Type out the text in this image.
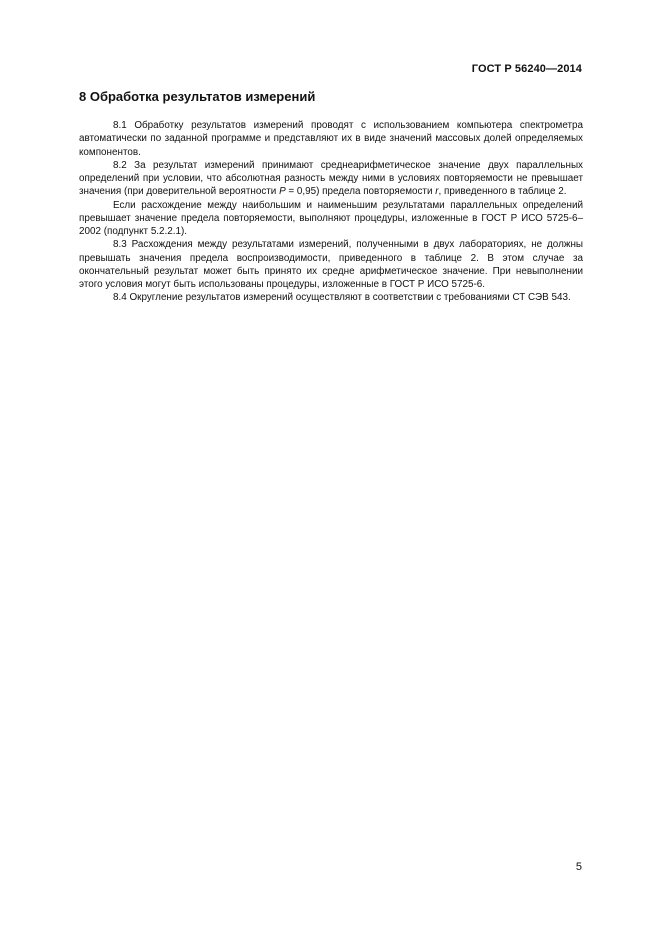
ГОСТ Р 56240—2014
8 Обработка результатов измерений

8.1 Обработку результатов измерений проводят с использованием компьютера спектрометра автоматически по заданной программе и представляют их в виде значений массовых долей определяемых компонентов.

8.2 За результат измерений принимают среднеарифметическое значение двух параллельных определений при условии, что абсолютная разность между ними в условиях повторяемости не превышает значения (при доверительной вероятности Р = 0,95) предела повторяемости r, приведенного в таблице 2.

Если расхождение между наибольшим и наименьшим результатами параллельных определений превышает значение предела повторяемости, выполняют процедуры, изложенные в ГОСТ Р ИСО 5725-6–2002 (подпункт 5.2.2.1).

8.3 Расхождения между результатами измерений, полученными в двух лабораториях, не должны превышать значения предела воспроизводимости, приведенного в таблице 2. В этом случае за окончательный результат может быть принято их средне арифметическое значение. При невыполнении этого условия могут быть использованы процедуры, изложенные в ГОСТ Р ИСО 5725-6.

8.4 Округление результатов измерений осуществляют в соответствии с требованиями СТ СЭВ 543.

5
